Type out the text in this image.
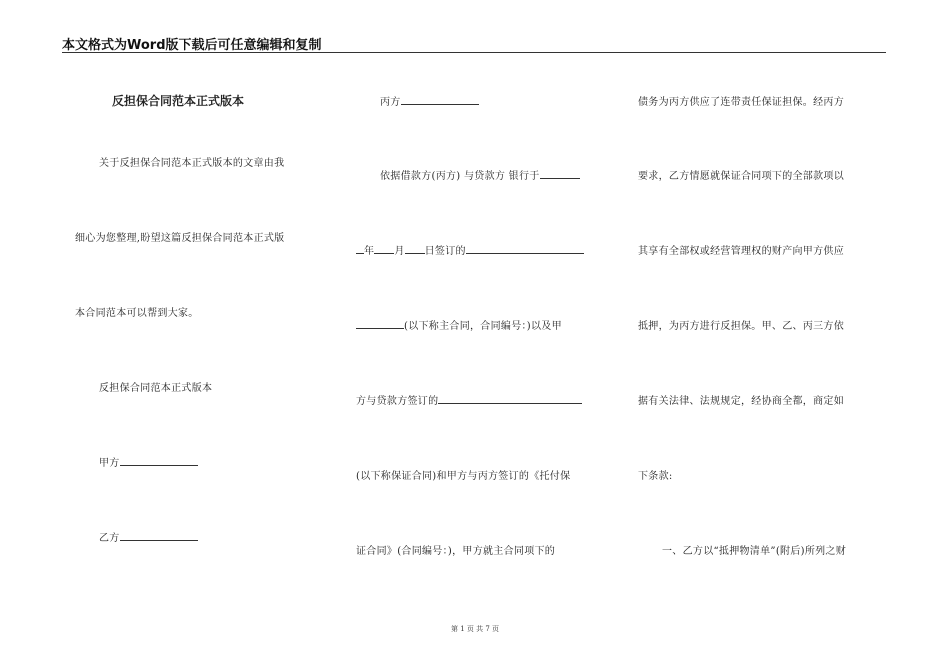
本文格式为Word版下载后可任意编辑和复制
反担保合同范本正式版本
关于反担保合同范本正式版本的文章由我
细心为您整理,盼望这篇反担保合同范本正式版
本合同范本可以帮到大家。
反担保合同范本正式版本
甲方
乙方
丙方
依据借款方(丙方) 与贷款方 银行于
年 月 日签订的
(以下称主合同，合同编号：)以及甲
方与贷款方签订的
(以下称保证合同)和甲方与丙方签订的《托付保
证合同》(合同编号：)，甲方就主合同项下的
债务为丙方供应了连带责任保证担保。经丙方
要求，乙方情愿就保证合同项下的全部款项以
其享有全部权或经营管理权的财产向甲方供应
抵押，为丙方进行反担保。甲、乙、丙三方依
据有关法律、法规规定，经协商全都，商定如
下条款:
一、乙方以“抵押物清单”(附后)所列之财
第 1 页 共 7 页
